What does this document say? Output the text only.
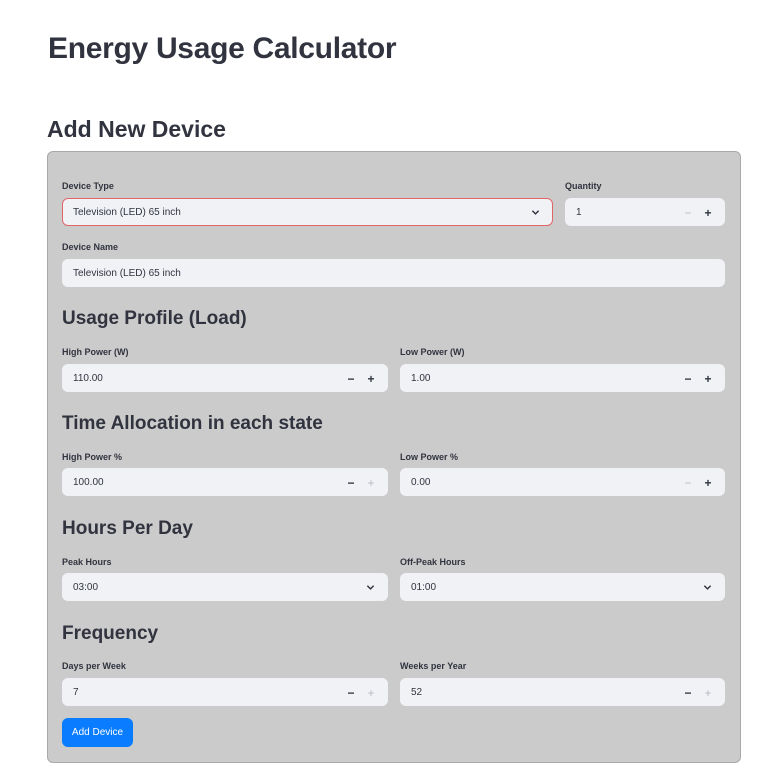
Energy Usage Calculator
Add New Device
Device Type
Television (LED) 65 inch
Quantity
1	−	+
Device Name
Television (LED) 65 inch
Usage Profile (Load)
High Power (W)
110.00	−	+
Low Power (W)
1.00	−	+
Time Allocation in each state
High Power %
100.00	−	+
Low Power %
0.00	−	+
Hours Per Day
Peak Hours
03:00
Off-Peak Hours
01:00
Frequency
Days per Week
7	−	+
Weeks per Year
52	−	+
Add Device
